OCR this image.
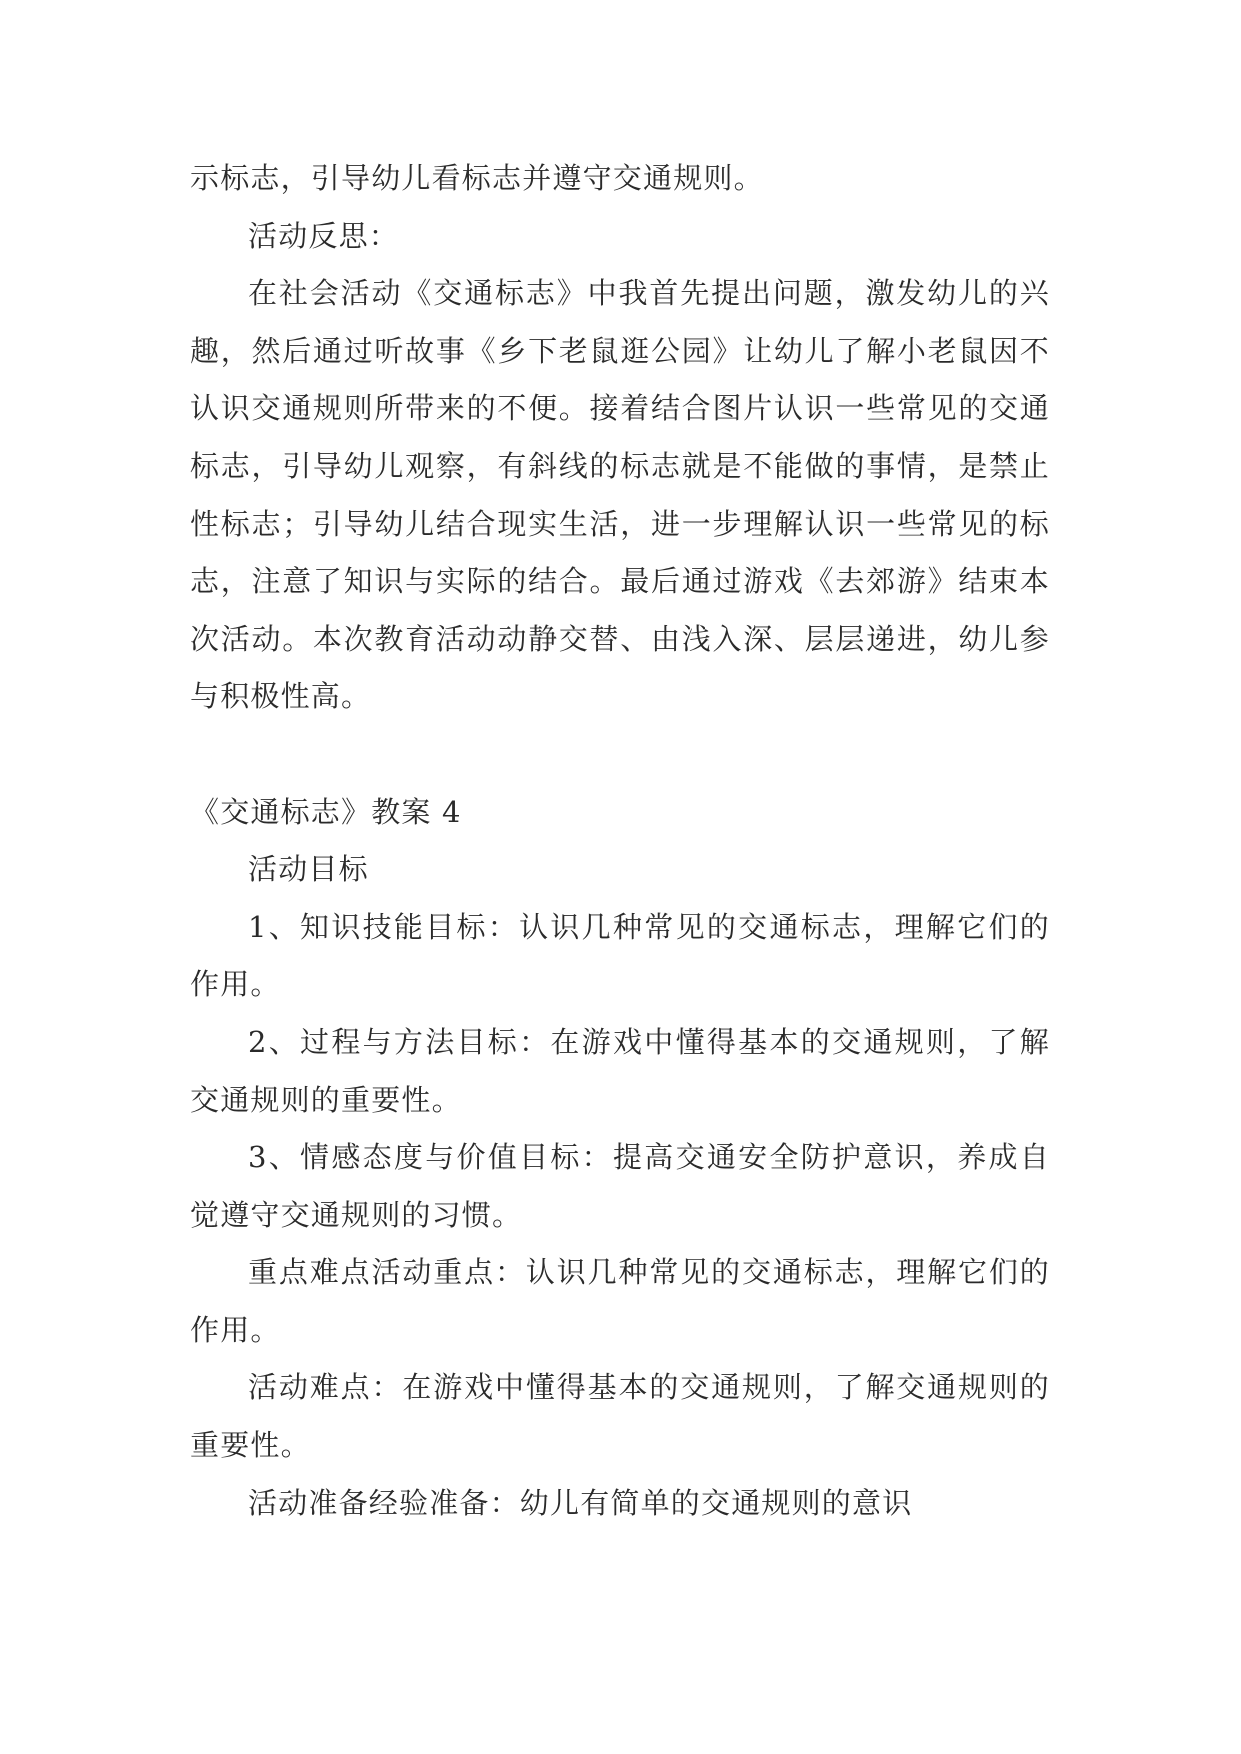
示标志，引导幼儿看标志并遵守交通规则。

活动反思：

在社会活动《交通标志》中我首先提出问题，激发幼儿的兴趣，然后通过听故事《乡下老鼠逛公园》让幼儿了解小老鼠因不认识交通规则所带来的不便。接着结合图片认识一些常见的交通标志，引导幼儿观察，有斜线的标志就是不能做的事情，是禁止性标志；引导幼儿结合现实生活，进一步理解认识一些常见的标志，注意了知识与实际的结合。最后通过游戏《去郊游》结束本次活动。本次教育活动动静交替、由浅入深、层层递进，幼儿参与积极性高。

《交通标志》教案 4

活动目标

1、知识技能目标：认识几种常见的交通标志，理解它们的作用。

2、过程与方法目标：在游戏中懂得基本的交通规则，了解交通规则的重要性。

3、情感态度与价值目标：提高交通安全防护意识，养成自觉遵守交通规则的习惯。

重点难点活动重点：认识几种常见的交通标志，理解它们的作用。

活动难点：在游戏中懂得基本的交通规则，了解交通规则的重要性。

活动准备经验准备：幼儿有简单的交通规则的意识
